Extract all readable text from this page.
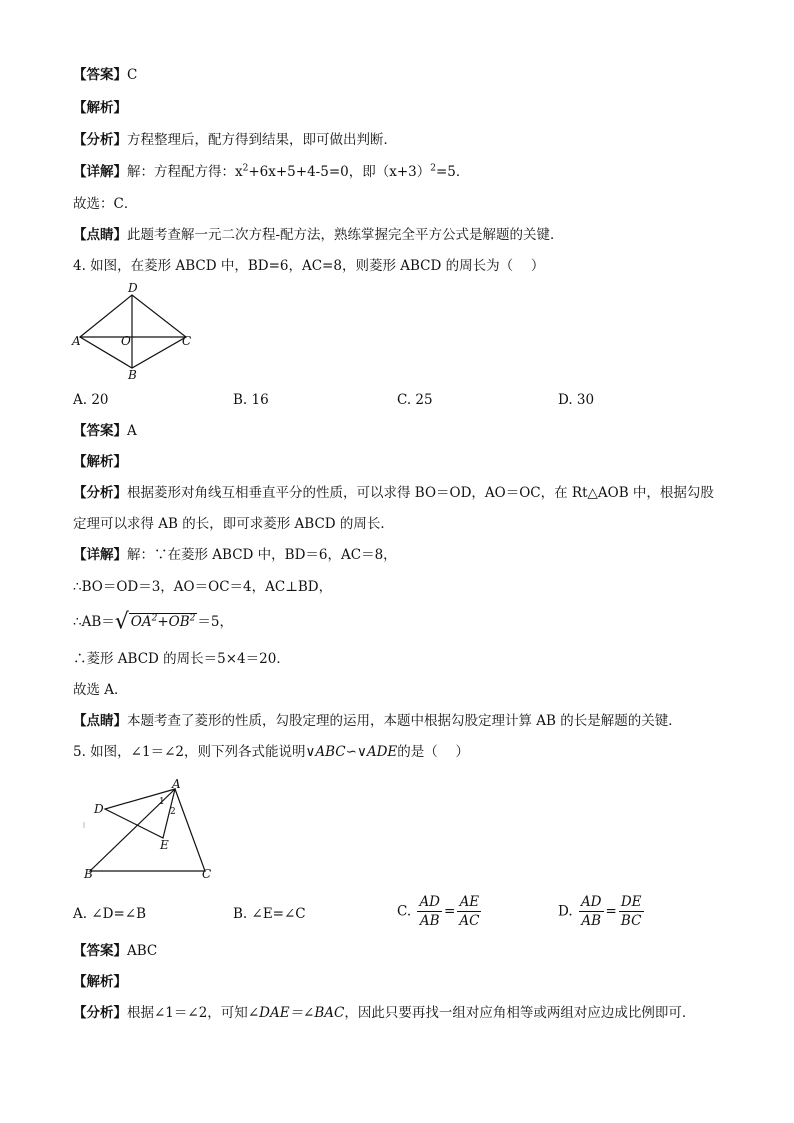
【答案】C
【解析】
【分析】方程整理后，配方得到结果，即可做出判断．
【详解】解：方程配方得：$x^2+6x+5+4-5=0$，即$(x+3)^2=5$．
故选：C．
【点睛】此题考查解一元二次方程-配方法，熟练掌握完全平方公式是解题的关键．
4. 如图，在菱形 ABCD 中，BD=6，AC=8，则菱形 ABCD 的周长为（　 ）
D
A	C
O
B
A. 20	B. 16	C. 25	D. 30
【答案】A
【解析】
【分析】根据菱形对角线互相垂直平分的性质，可以求得 BO＝OD，AO＝OC，在 Rt△AOB 中，根据勾股
定理可以求得 AB 的长，即可求菱形 ABCD 的周长．
【详解】解：∵在菱形 ABCD 中，BD＝6，AC＝8，
∴BO＝OD＝3，AO＝OC＝4，AC⊥BD，
∴AB＝√ $OA^2+OB^2 =5$，
∴菱形 ABCD 的周长＝5×4＝20．
故选 A．
【点睛】本题考查了菱形的性质，勾股定理的运用，本题中根据勾股定理计算 AB 的长是解题的关键．
5. 如图，∠1＝∠2，则下列各式能说明∨ABC∽∨ADE的是（　 ）
A
D
E
B	C
1
2
A. ∠D=∠B	B. ∠E=∠C	C. $\frac{AD}{AB} = \frac{AE}{AC}$	D. $\frac{AD}{AB} = \frac{DE}{BC}$
【答案】ABC
【解析】
【分析】根据∠1＝∠2，可知∠DAE＝∠BAC，因此只要再找一组对应角相等或两组对应边成比例即可．
